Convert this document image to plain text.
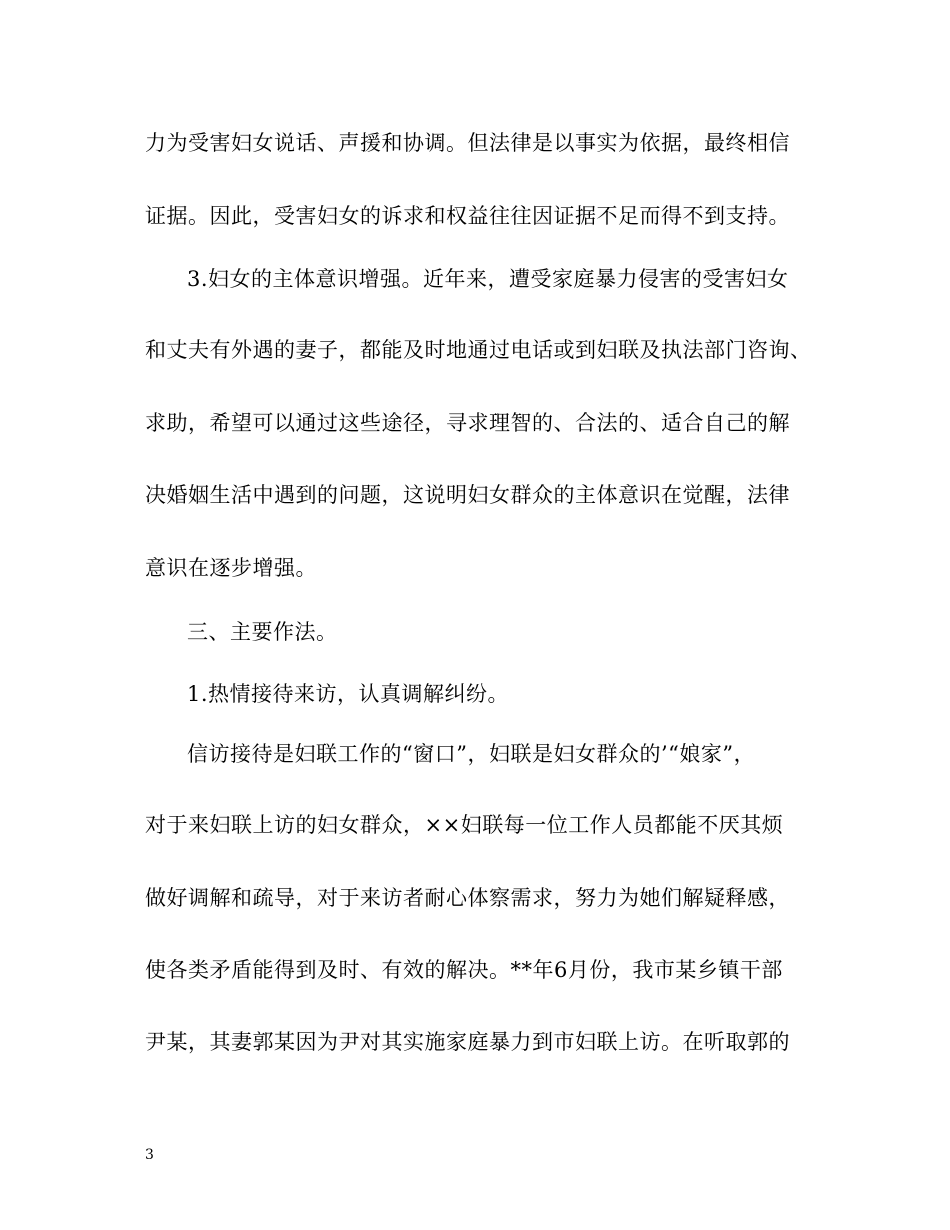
力为受害妇女说话、声援和协调。但法律是以事实为依据，最终相信
证据。因此，受害妇女的诉求和权益往往因证据不足而得不到支持。
3.妇女的主体意识增强。近年来，遭受家庭暴力侵害的受害妇女
和丈夫有外遇的妻子，都能及时地通过电话或到妇联及执法部门咨询、
求助，希望可以通过这些途径，寻求理智的、合法的、适合自己的解
决婚姻生活中遇到的问题，这说明妇女群众的主体意识在觉醒，法律
意识在逐步增强。
三、主要作法。
1.热情接待来访，认真调解纠纷。
信访接待是妇联工作的“窗口”，妇联是妇女群众的’“娘家”，
对于来妇联上访的妇女群众，××妇联每一位工作人员都能不厌其烦
做好调解和疏导，对于来访者耐心体察需求，努力为她们解疑释感，
使各类矛盾能得到及时、有效的解决。**年6月份，我市某乡镇干部
尹某，其妻郭某因为尹对其实施家庭暴力到市妇联上访。在听取郭的
3
